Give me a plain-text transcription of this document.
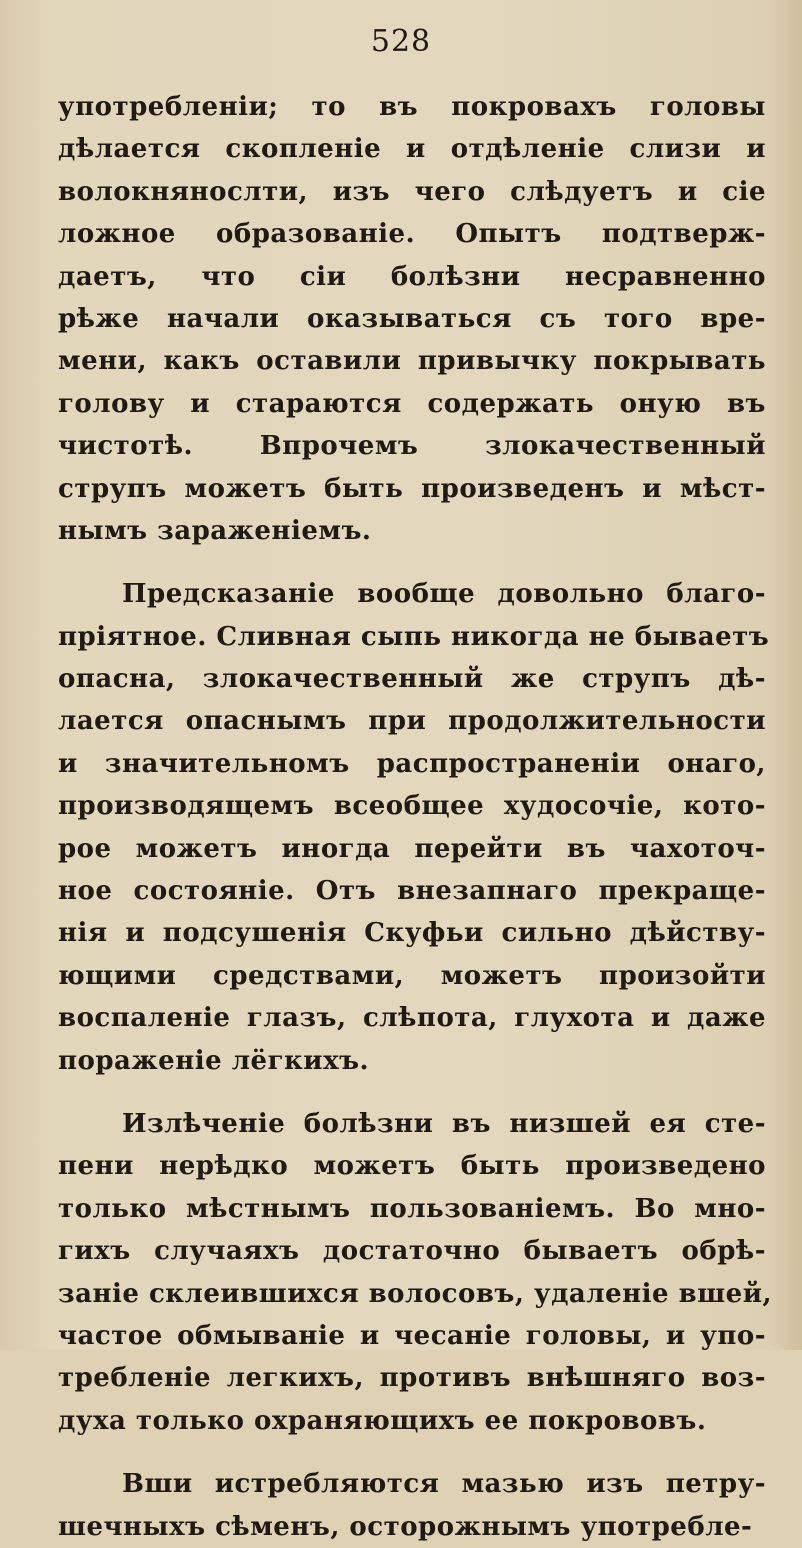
528
употребленіи; то въ покровахъ головы
дѣлается скопленіе и отдѣленіе слизи и
волокнянослти, изъ чего слѣдуетъ и сіе
ложное образованіе. Опытъ подтверж-
даетъ, что сіи болѣзни несравненно
рѣже начали оказываться съ того вре-
мени, какъ оставили привычку покрывать
голову и стараются содержать оную въ
чистотѣ. Впрочемъ злокачественный
струпъ можетъ быть произведенъ и мѣст-
нымъ зараженіемъ.
Предсказаніе вообще довольно благо-
пріятное. Сливная сыпь никогда не бываетъ
опасна, злокачественный же струпъ дѣ-
лается опаснымъ при продолжительности
и значительномъ распространеніи онаго,
производящемъ всеобщее худосочіе, кото-
рое можетъ иногда перейти въ чахоточ-
ное состояніе. Отъ внезапнаго прекраще-
нія и подсушенія Скуфьи сильно дѣйству-
ющими средствами, можетъ произойти
воспаленіе глазъ, слѣпота, глухота и даже
пораженіе лёгкихъ.
Излѣченіе болѣзни въ низшей ея сте-
пени нерѣдко можетъ быть произведено
только мѣстнымъ пользованіемъ. Во мно-
гихъ случаяхъ достаточно бываетъ обрѣ-
заніе склеившихся волосовъ, удаленіе вшей,
частое обмываніе и чесаніе головы, и упо-
требленіе легкихъ, противъ внѣшняго воз-
духа только охраняющихъ ее покрововъ.
Вши истребляются мазью изъ петру-
шечныхъ сѣменъ, осторожнымъ употребле-
